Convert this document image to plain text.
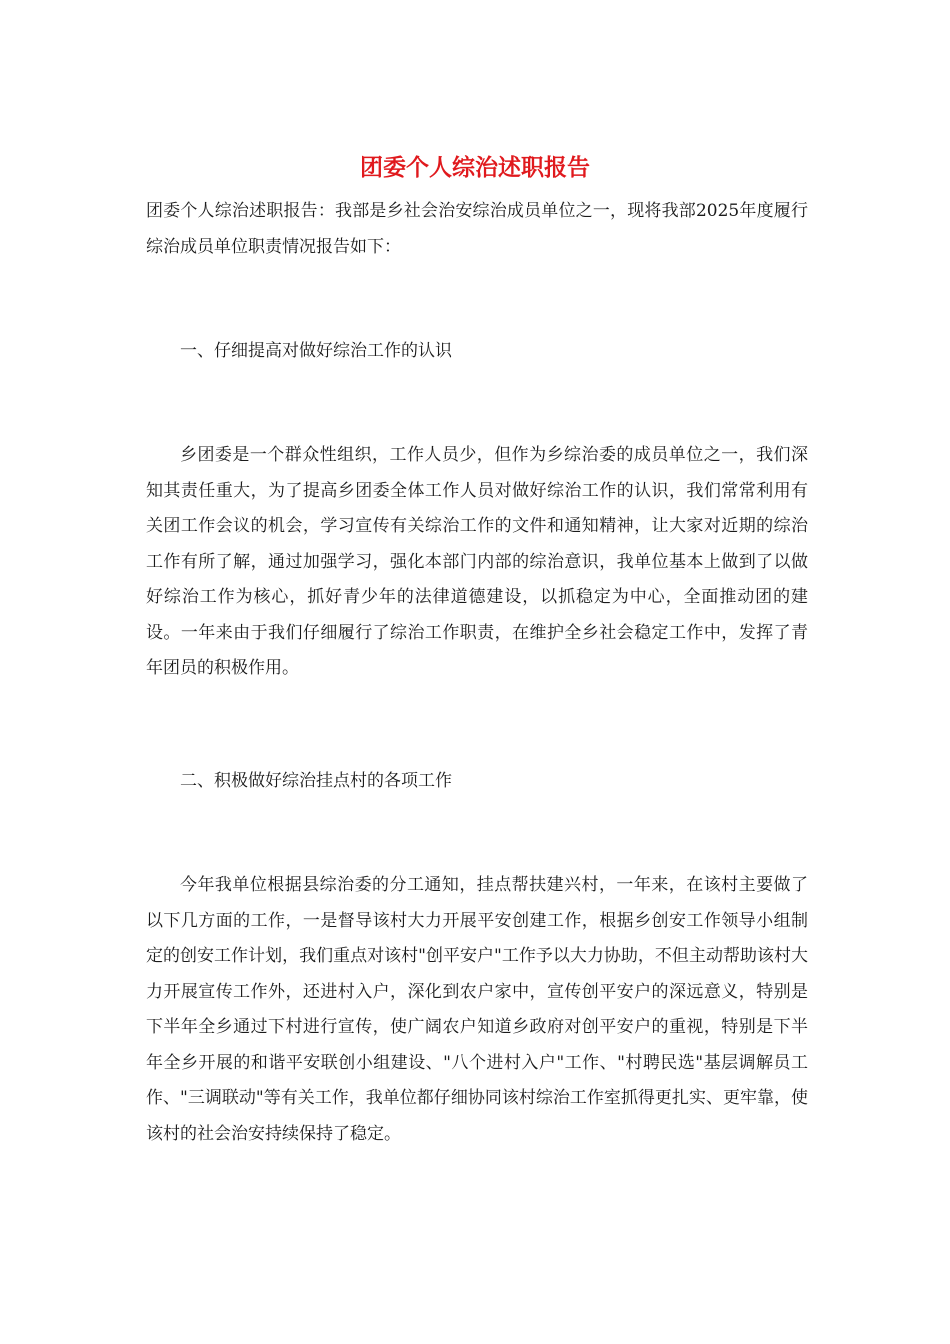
团委个人综治述职报告

团委个人综治述职报告：我部是乡社会治安综治成员单位之一，现将我部2025年度履行综治成员单位职责情况报告如下：

一、仔细提高对做好综治工作的认识

乡团委是一个群众性组织，工作人员少，但作为乡综治委的成员单位之一，我们深知其责任重大，为了提高乡团委全体工作人员对做好综治工作的认识，我们常常利用有关团工作会议的机会，学习宣传有关综治工作的文件和通知精神，让大家对近期的综治工作有所了解，通过加强学习，强化本部门内部的综治意识，我单位基本上做到了以做好综治工作为核心，抓好青少年的法律道德建设，以抓稳定为中心，全面推动团的建设。一年来由于我们仔细履行了综治工作职责，在维护全乡社会稳定工作中，发挥了青年团员的积极作用。

二、积极做好综治挂点村的各项工作

今年我单位根据县综治委的分工通知，挂点帮扶建兴村，一年来，在该村主要做了以下几方面的工作，一是督导该村大力开展平安创建工作，根据乡创安工作领导小组制定的创安工作计划，我们重点对该村"创平安户"工作予以大力协助，不但主动帮助该村大力开展宣传工作外，还进村入户，深化到农户家中，宣传创平安户的深远意义，特别是下半年全乡通过下村进行宣传，使广阔农户知道乡政府对创平安户的重视，特别是下半年全乡开展的和谐平安联创小组建设、"八个进村入户"工作、"村聘民选"基层调解员工作、"三调联动"等有关工作，我单位都仔细协同该村综治工作室抓得更扎实、更牢靠，使该村的社会治安持续保持了稳定。
